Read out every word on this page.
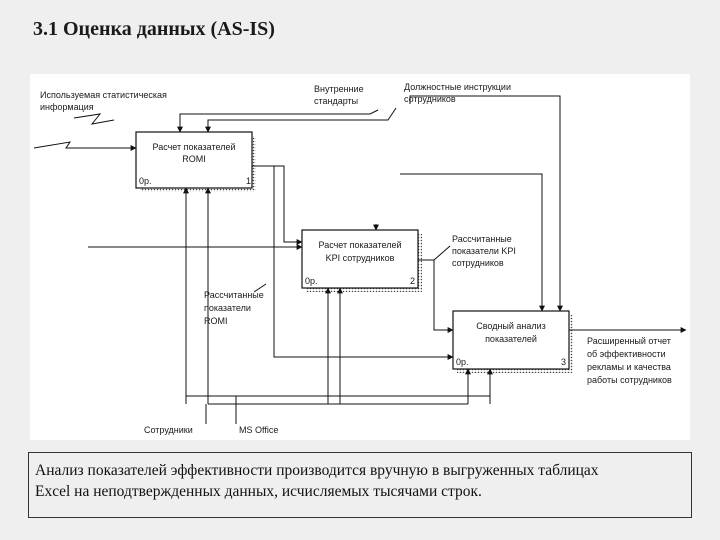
3.1 Оценка данных (AS-IS)
Расчет показателей
ROMI
0р.	1
Расчет показателей
KPI сотрудников
0р.	2
Сводный анализ
показателей
0р.	3
Используемая статистическая
информация
Внутренние
стандарты
Должностные инструкции
сотрудников
Рассчитанные
показатели KPI
сотрудников
Рассчитанные
показатели
ROMI
Расширенный отчет
об эффективности
рекламы и качества
работы сотрудников
Сотрудники	MS Office

Анализ показателей эффективности производится вручную в выгруженных таблицах

Excel на неподтвержденных данных, исчисляемых тысячами строк.
